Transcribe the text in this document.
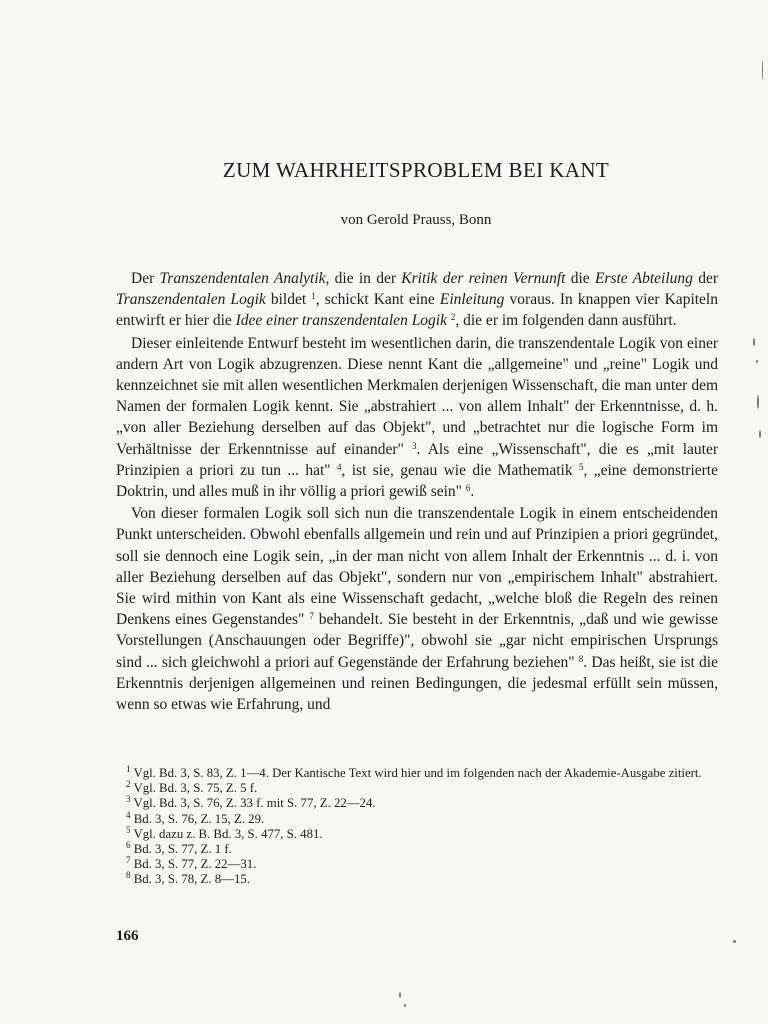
ZUM WAHRHEITSPROBLEM BEI KANT
von Gerold Prauss, Bonn

Der Transzendentalen Analytik, die in der Kritik der reinen Vernunft die Erste Abteilung der Transzendentalen Logik bildet $^1$, schickt Kant eine Einleitung voraus. In knappen vier Kapiteln entwirft er hier die Idee einer transzendentalen Logik $^2$, die er im folgenden dann ausführt.

Dieser einleitende Entwurf besteht im wesentlichen darin, die transzendentale Logik von einer andern Art von Logik abzugrenzen. Diese nennt Kant die „allgemeine" und „reine" Logik und kennzeichnet sie mit allen wesentlichen Merkmalen derjenigen Wissenschaft, die man unter dem Namen der formalen Logik kennt. Sie „abstrahiert ... von allem Inhalt" der Erkenntnisse, d. h. „von aller Beziehung derselben auf das Objekt", und „betrachtet nur die logische Form im Verhältnisse der Erkenntnisse auf einander" $^3$. Als eine „Wissenschaft", die es „mit lauter Prinzipien a priori zu tun ... hat" $^4$, ist sie, genau wie die Mathematik $^5$, „eine demonstrierte Doktrin, und alles muß in ihr völlig a priori gewiß sein" $^6$.

Von dieser formalen Logik soll sich nun die transzendentale Logik in einem entscheidenden Punkt unterscheiden. Obwohl ebenfalls allgemein und rein und auf Prinzipien a priori gegründet, soll sie dennoch eine Logik sein, „in der man nicht von allem Inhalt der Erkenntnis ... d. i. von aller Beziehung derselben auf das Objekt", sondern nur von „empirischem Inhalt" abstrahiert. Sie wird mithin von Kant als eine Wissenschaft gedacht, „welche bloß die Regeln des reinen Denkens eines Gegenstandes" $^7$ behandelt. Sie besteht in der Erkenntnis, „daß und wie gewisse Vorstellungen (Anschauungen oder Begriffe)", obwohl sie „gar nicht empirischen Ursprungs sind ... sich gleichwohl a priori auf Gegenstände der Erfahrung beziehen" $^8$. Das heißt, sie ist die Erkenntnis derjenigen allgemeinen und reinen Bedingungen, die jedesmal erfüllt sein müssen, wenn so etwas wie Erfahrung, und

$^1$ Vgl. Bd. 3, S. 83, Z. 1—4. Der Kantische Text wird hier und im folgenden nach der Akademie-Ausgabe zitiert.
$^2$ Vgl. Bd. 3, S. 75, Z. 5 f.
$^3$ Vgl. Bd. 3, S. 76, Z. 33 f. mit S. 77, Z. 22—24.
$^4$ Bd. 3, S. 76, Z. 15, Z. 29.
$^5$ Vgl. dazu z. B. Bd. 3, S. 477, S. 481.
$^6$ Bd. 3, S. 77, Z. 1 f.
$^7$ Bd. 3, S. 77, Z. 22—31.
$^8$ Bd. 3, S. 78, Z. 8—15.
166
